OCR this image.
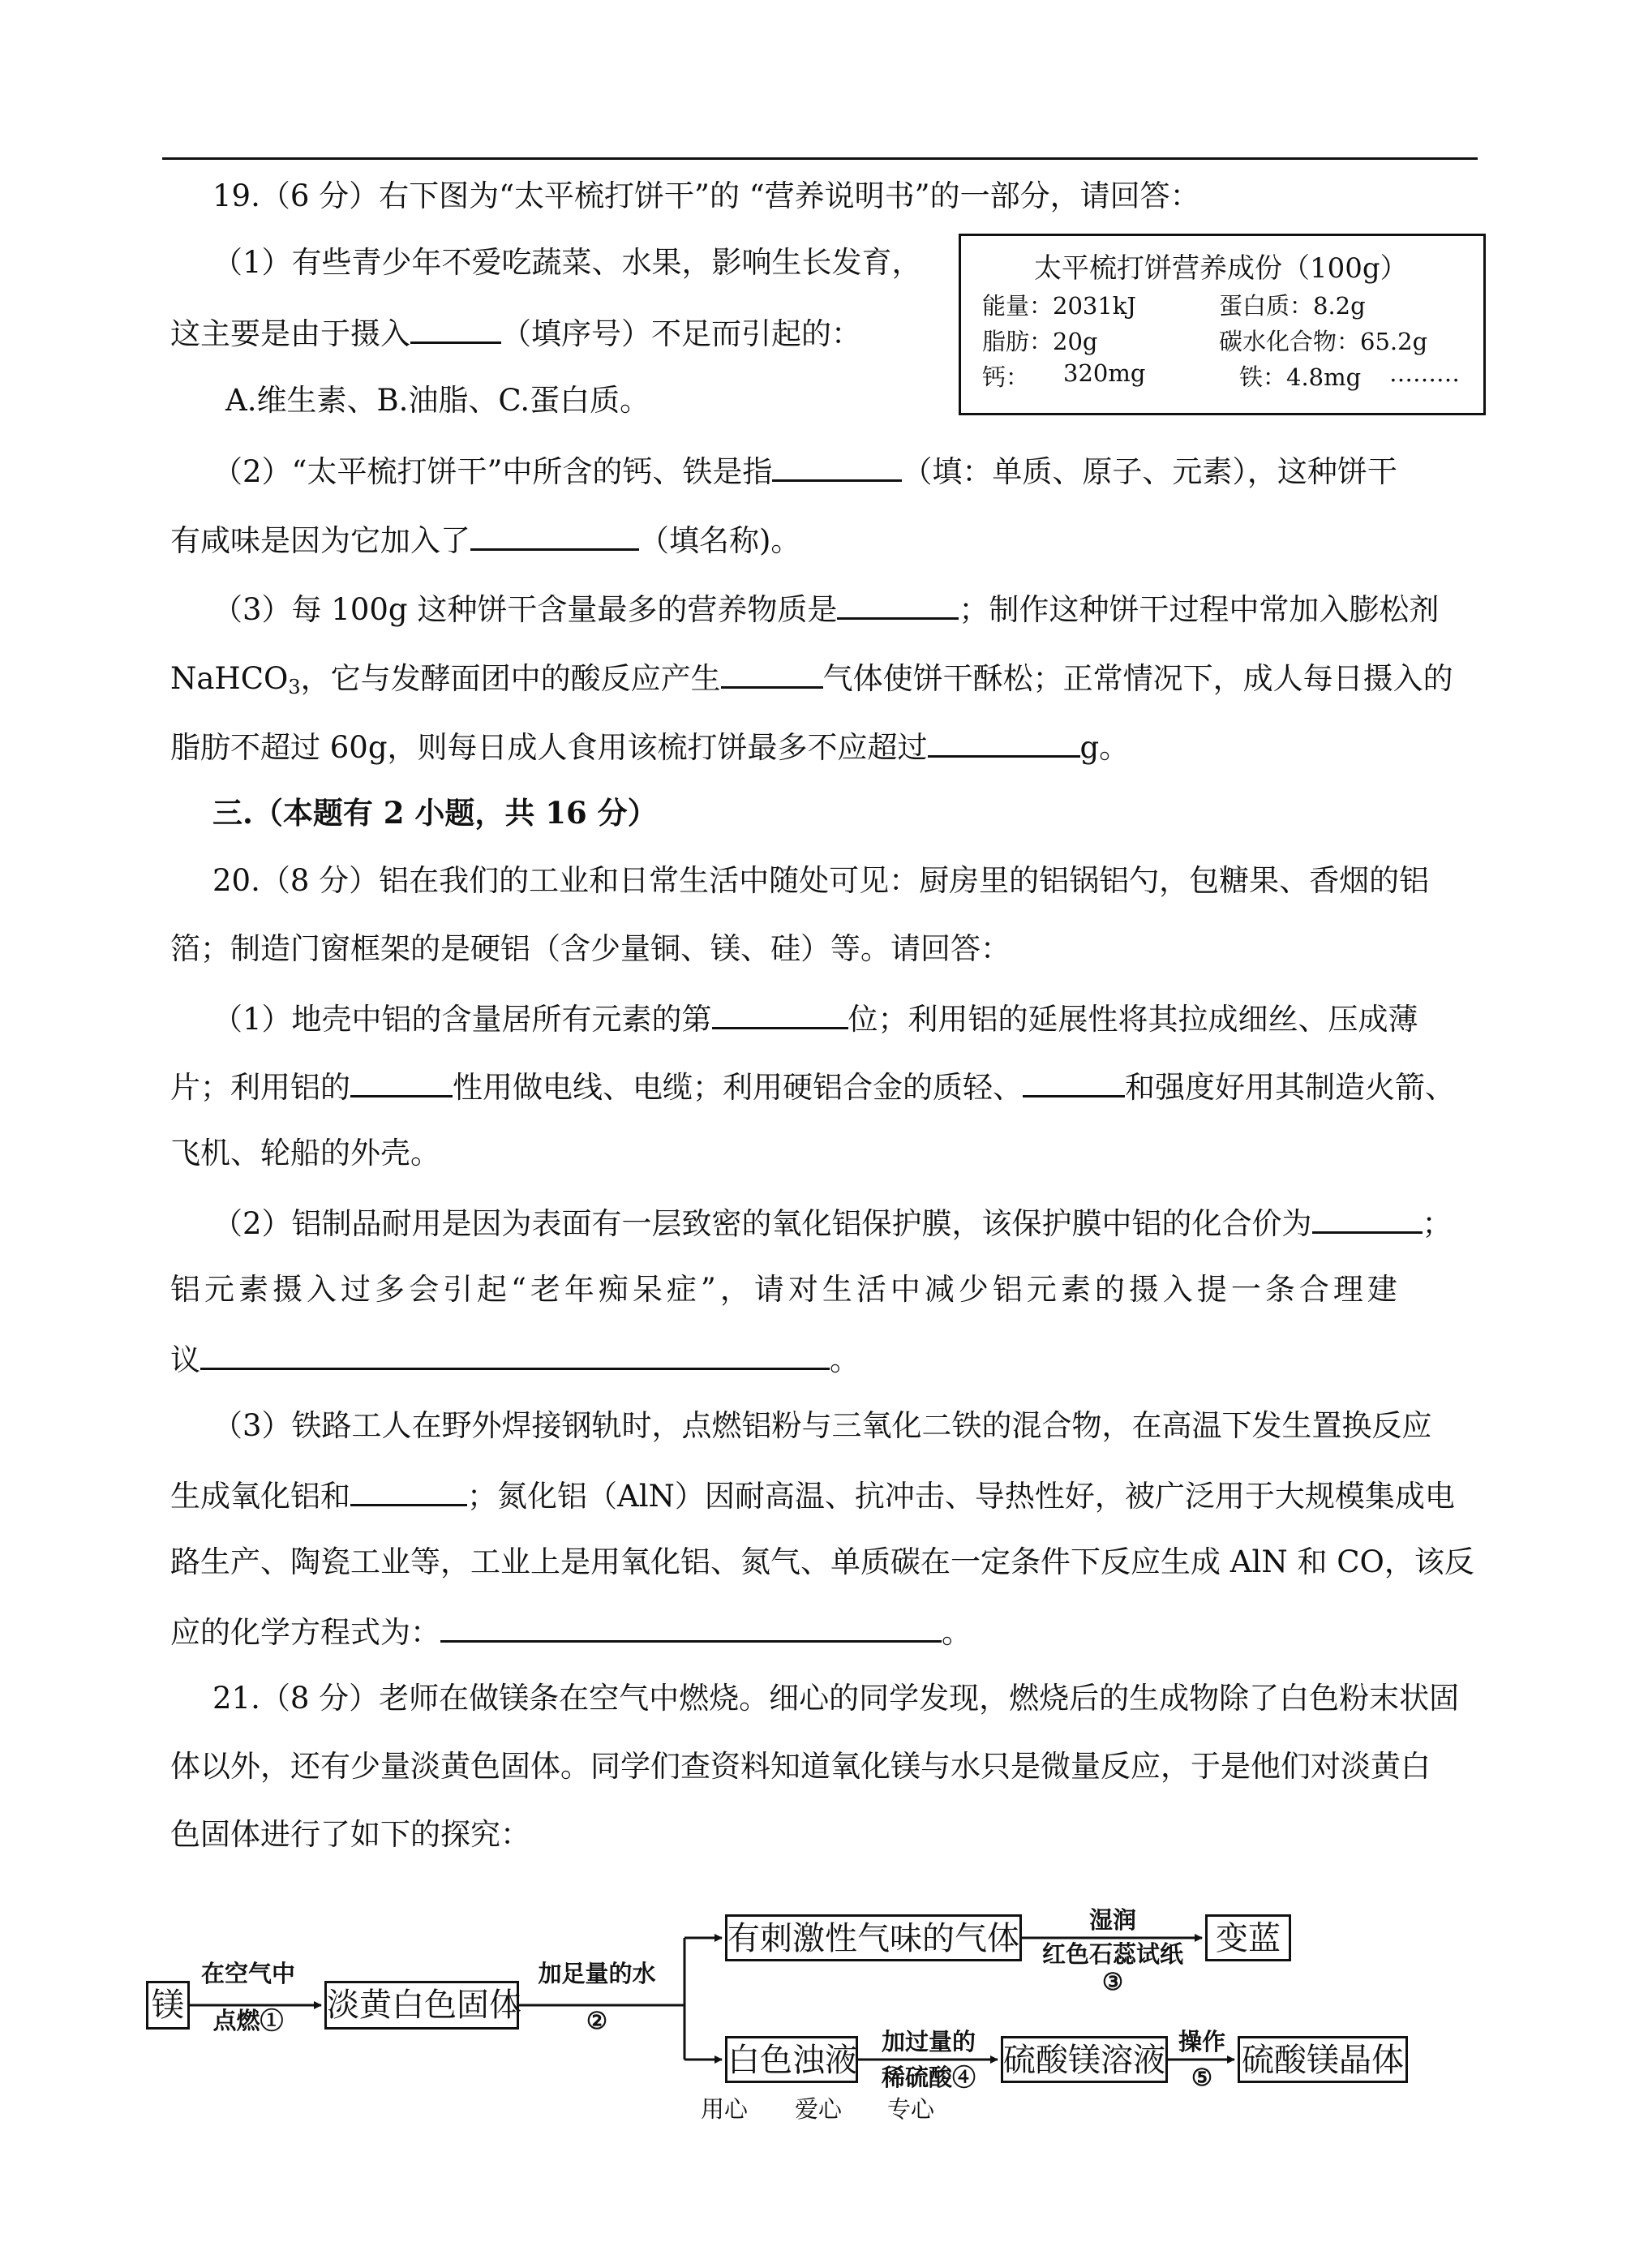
19.（6 分）右下图为“太平梳打饼干”的 “营养说明书”的一部分，请回答：
（1）有些青少年不爱吃蔬菜、水果，影响生长发育，
这主要是由于摄入	（填序号）不足而引起的：
A.维生素、B.油脂、C.蛋白质。
太平梳打饼营养成份（100g）
能量：2031kJ	蛋白质：8.2g
脂肪：20g	碳水化合物：65.2g
钙： 320mg	铁：4.8mg ………
（2）“太平梳打饼干”中所含的钙、铁是指	（填：单质、原子、元素），这种饼干
有咸味是因为它加入了	（填名称)。
（3）每 100g 这种饼干含量最多的营养物质是	；制作这种饼干过程中常加入膨松剂
NaHCO$_3$，它与发酵面团中的酸反应产生	气体使饼干酥松；正常情况下，成人每日摄入的
脂肪不超过 60g，则每日成人食用该梳打饼最多不应超过	g。
三.（本题有 2 小题，共 16 分）
20.（8 分）铝在我们的工业和日常生活中随处可见：厨房里的铝锅铝勺，包糖果、香烟的铝
箔；制造门窗框架的是硬铝（含少量铜、镁、硅）等。请回答：
（1）地壳中铝的含量居所有元素的第	位；利用铝的延展性将其拉成细丝、压成薄
片；利用铝的	性用做电线、电缆；利用硬铝合金的质轻、	和强度好用其制造火箭、
飞机、轮船的外壳。
（2）铝制品耐用是因为表面有一层致密的氧化铝保护膜，该保护膜中铝的化合价为	；
铝元素摄入过多会引起“老年痴呆症”，请对生活中减少铝元素的摄入提一条合理建
议	。
（3）铁路工人在野外焊接钢轨时，点燃铝粉与三氧化二铁的混合物，在高温下发生置换反应
生成氧化铝和	；氮化铝（AlN）因耐高温、抗冲击、导热性好，被广泛用于大规模集成电
路生产、陶瓷工业等，工业上是用氧化铝、氮气、单质碳在一定条件下反应生成 AlN 和 CO，该反
应的化学方程式为：	。
21.（8 分）老师在做镁条在空气中燃烧。细心的同学发现，燃烧后的生成物除了白色粉末状固
体以外，还有少量淡黄色固体。同学们查资料知道氧化镁与水只是微量反应，于是他们对淡黄白
色固体进行了如下的探究：
镁
在空气中
点燃①	淡黄白色固体
加足量的水
②
有刺激性气味的气体	湿润
红色石蕊试纸
③
变蓝
白色浊液	加过量的
稀硫酸④ 硫酸镁溶液 操作
⑤ 硫酸镁晶体
用心 爱心 专心
